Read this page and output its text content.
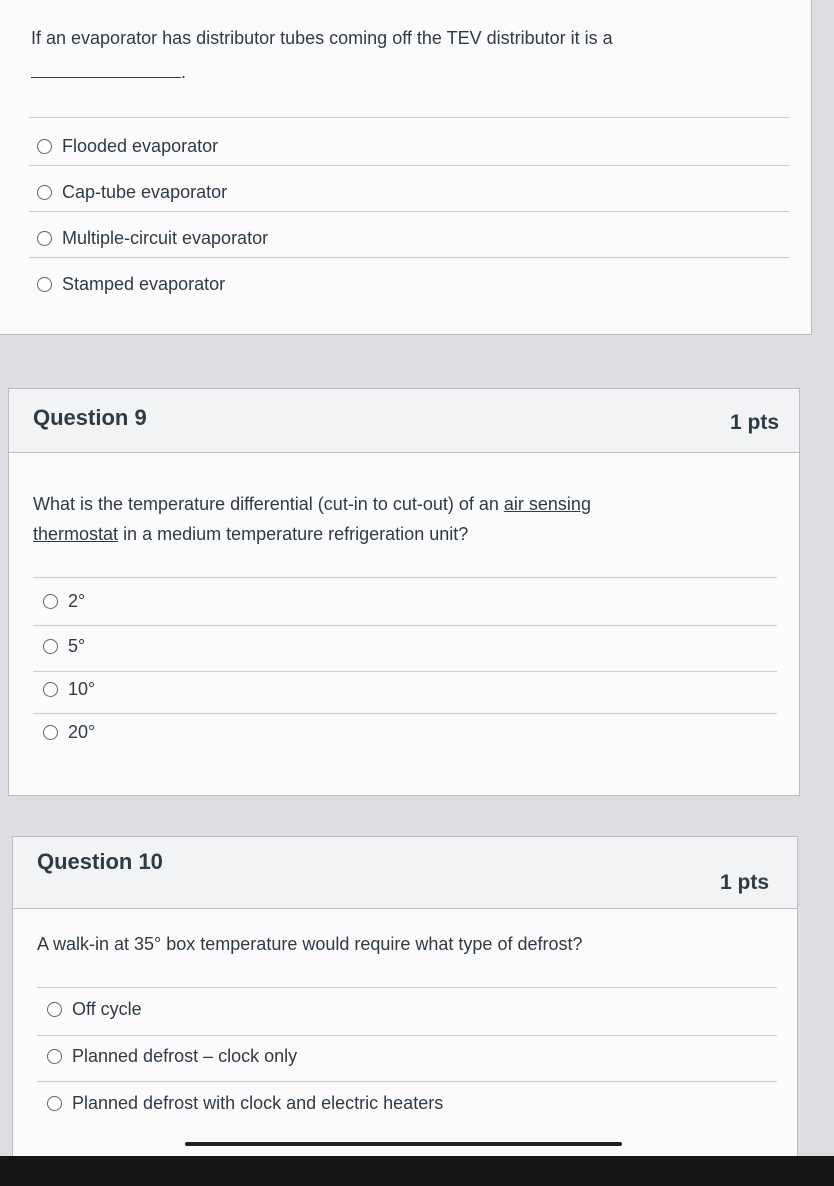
If an evaporator has distributor tubes coming off the TEV distributor it is a
.
Flooded evaporator
Cap-tube evaporator
Multiple-circuit evaporator
Stamped evaporator
Question 9	1 pts
What is the temperature differential (cut-in to cut-out) of an air sensing
thermostat in a medium temperature refrigeration unit?
2°
5°
10°
20°
Question 10
1 pts
A walk-in at 35° box temperature would require what type of defrost?
Off cycle
Planned defrost – clock only
Planned defrost with clock and electric heaters
